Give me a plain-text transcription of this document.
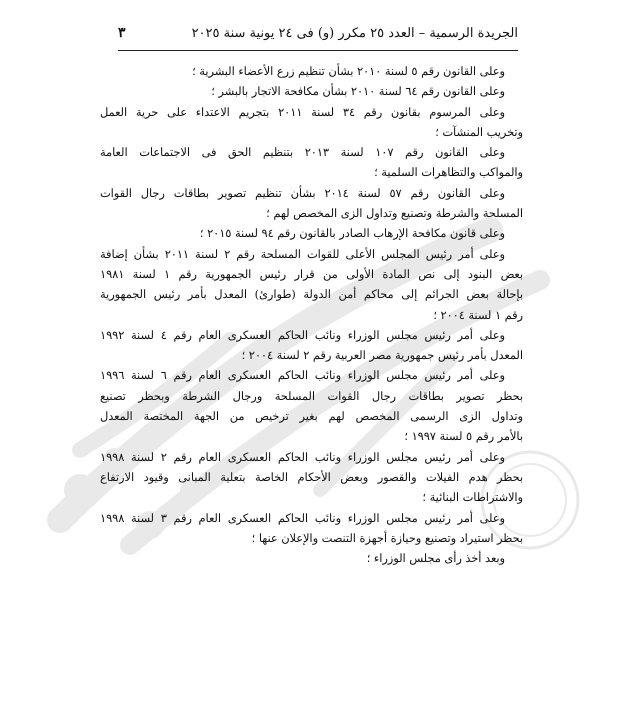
الجريدة الرسمية – العدد ٢٥ مكرر (و) فى ٢٤ يونية سنة ٢٠٢٥
٣
وعلى القانون رقم ٥ لسنة ٢٠١٠ بشأن تنظيم زرع الأعضاء البشرية ؛
وعلى القانون رقم ٦٤ لسنة ٢٠١٠ بشأن مكافحة الاتجار بالبشر ؛
وعلى المرسوم بقانون رقم ٣٤ لسنة ٢٠١١ بتجريم الاعتداء على حرية العمل
وتخريب المنشآت ؛
وعلى القانون رقم ١٠٧ لسنة ٢٠١٣ بتنظيم الحق فى الاجتماعات العامة
والمواكب والتظاهرات السلمية ؛
وعلى القانون رقم ٥٧ لسنة ٢٠١٤ بشأن تنظيم تصوير بطاقات رجال القوات
المسلحة والشرطة وتصنيع وتداول الزى المخصص لهم ؛
وعلى قانون مكافحة الإرهاب الصادر بالقانون رقم ٩٤ لسنة ٢٠١٥ ؛
وعلى أمر رئيس المجلس الأعلى للقوات المسلحة رقم ٢ لسنة ٢٠١١ بشأن إضافة
بعض البنود إلى نص المادة الأولى من قرار رئيس الجمهورية رقم ١ لسنة ١٩٨١
بإحالة بعض الجرائم إلى محاكم أمن الدولة (طوارئ) المعدل بأمر رئيس الجمهورية
رقم ١ لسنة ٢٠٠٤ ؛
وعلى أمر رئيس مجلس الوزراء ونائب الحاكم العسكرى العام رقم ٤ لسنة ١٩٩٢
المعدل بأمر رئيس جمهورية مصر العربية رقم ٢ لسنة ٢٠٠٤ ؛
وعلى أمر رئيس مجلس الوزراء ونائب الحاكم العسكرى العام رقم ٦ لسنة ١٩٩٦
بحظر تصوير بطاقات رجال القوات المسلحة ورجال الشرطة وبحظر تصنيع
وتداول الزى الرسمى المخصص لهم بغير ترخيص من الجهة المختصة المعدل
بالأمر رقم ٥ لسنة ١٩٩٧ ؛
وعلى أمر رئيس مجلس الوزراء ونائب الحاكم العسكرى العام رقم ٢ لسنة ١٩٩٨
بحظر هدم الفيلات والقصور وبعض الأحكام الخاصة بتعلية المبانى وقيود الارتفاع
والاشتراطات البنائية ؛
وعلى أمر رئيس مجلس الوزراء ونائب الحاكم العسكرى العام رقم ٣ لسنة ١٩٩٨
بحظر استيراد وتصنيع وحيازة أجهزة التنصت والإعلان عنها ؛
وبعد أخذ رأى مجلس الوزراء ؛
